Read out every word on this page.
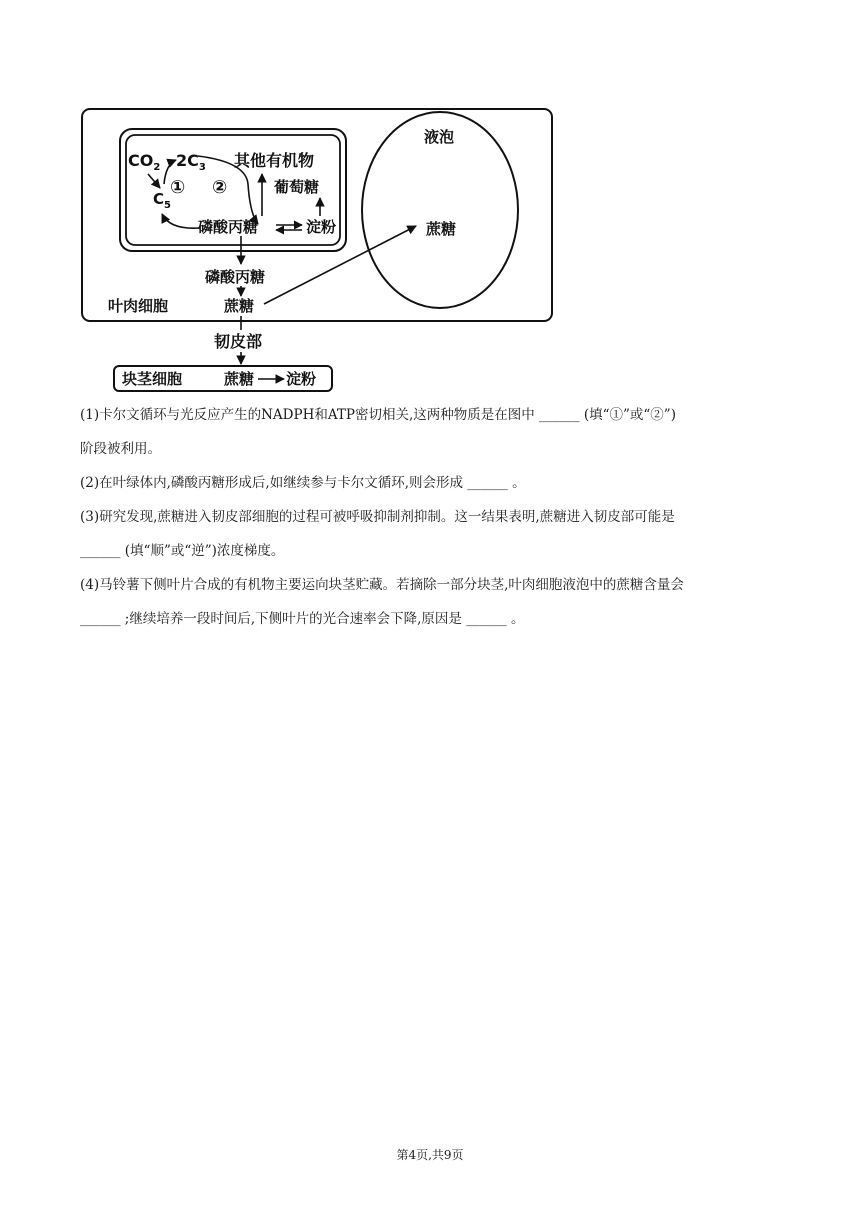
$CO_2$ $2C_3$
$C_5$
① ②
其他有机物
葡萄糖
磷酸丙糖	淀粉
磷酸丙糖
蔗糖
叶肉细胞
液泡
蔗糖
韧皮部
块茎细胞	蔗糖 淀粉

(1)卡尔文循环与光反应产生的NADPH和ATP密切相关,这两种物质是在图中 ______ (填“①”或“②”)

阶段被利用。

(2)在叶绿体内,磷酸丙糖形成后,如继续参与卡尔文循环,则会形成 ______ 。

(3)研究发现,蔗糖进入韧皮部细胞的过程可被呼吸抑制剂抑制。这一结果表明,蔗糖进入韧皮部可能是

______ (填“顺”或“逆”)浓度梯度。

(4)马铃薯下侧叶片合成的有机物主要运向块茎贮藏。若摘除一部分块茎,叶肉细胞液泡中的蔗糖含量会

______ ;继续培养一段时间后,下侧叶片的光合速率会下降,原因是 ______ 。

第4页,共9页
